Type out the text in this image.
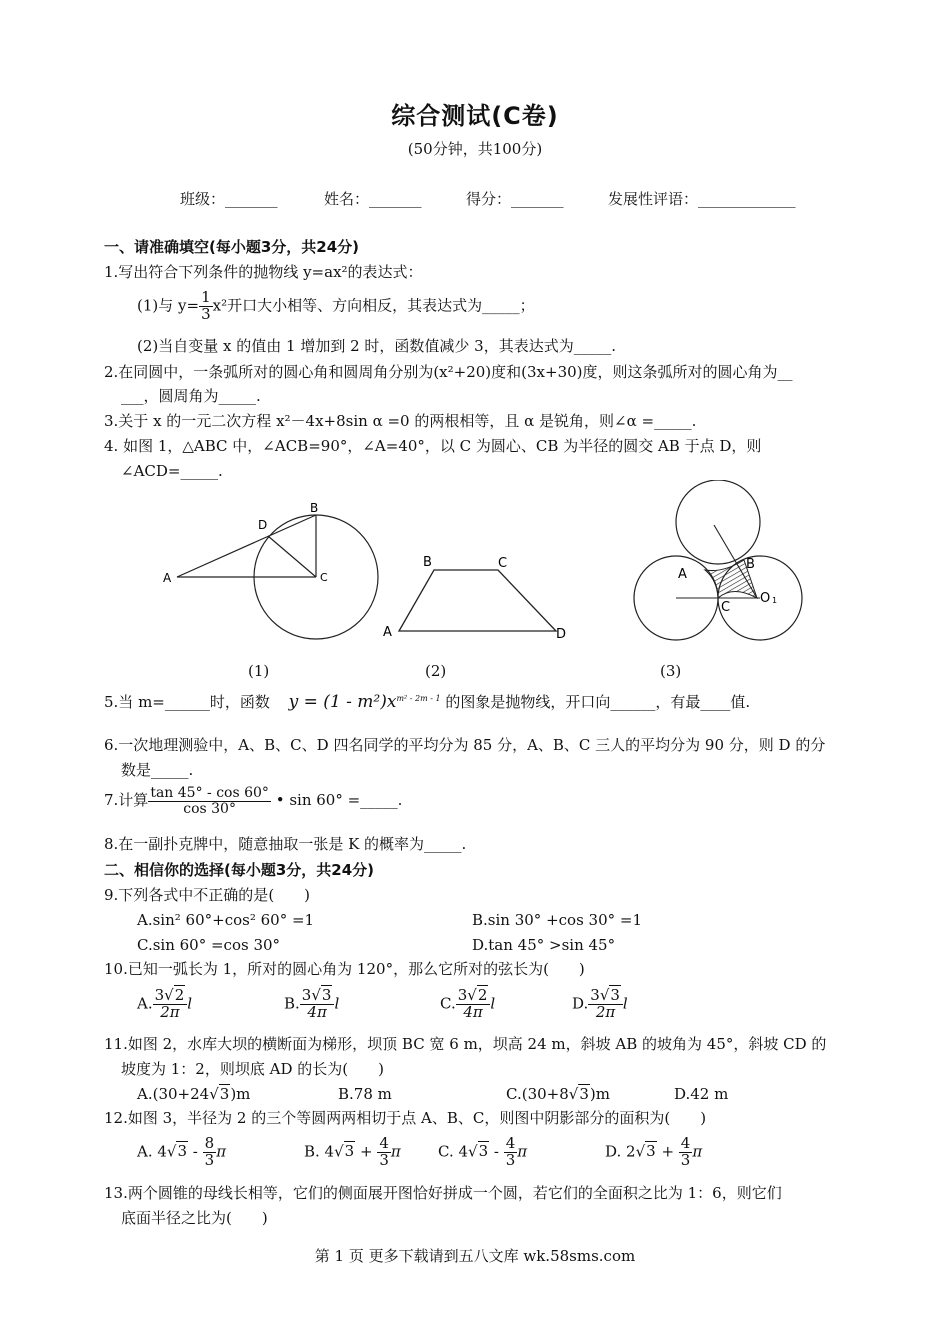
综合测试(C卷)
(50分钟，共100分)
班级：_______	姓名：_______	得分：_______	发展性评语：_____________
一、请准确填空(每小题3分，共24分)
1.写出符合下列条件的抛物线 y=ax²的表达式：
(1)与 $y= \frac{1}{3} x^2$开口大小相等、方向相反，其表达式为_____；
(2)当自变量 x 的值由 1 增加到 2 时，函数值减少 3，其表达式为_____.
2.在同圆中，一条弧所对的圆心角和圆周角分别为(x²+20)度和(3x+30)度，则这条弧所对的圆心角为__
___，圆周角为_____.
3.关于 x 的一元二次方程 x²－4x+8sin α =0 的两根相等，且 α 是锐角，则∠α =_____.
4. 如图 1，△ABC 中，∠ACB=90°，∠A=40°，以 C 为圆心、CB 为半径的圆交 AB 于点 D，则
∠ACD=_____.
A
B
C
D
B	C
A	D
A
B
C
O 1
(1)	(2)	(3)
5.当 m=______时，函数 $y = (1 - m^2)x^{m^2 - 2m - 1}$ 的图象是抛物线，开口向______，有最____值.
6.一次地理测验中，A、B、C、D 四名同学的平均分为 85 分，A、B、C 三人的平均分为 90 分，则 D 的分
数是_____.
7.计算 $\frac{\tan 45^\circ - \cos 60^\circ}{\cos 30^\circ}$ • sin 60° =_____.
8.在一副扑克牌中，随意抽取一张是 K 的概率为_____.
二、相信你的选择(每小题3分，共24分)
9.下列各式中不正确的是(　　)
A.sin² 60°+cos² 60° =1	B.sin 30° +cos 30° =1
C.sin 60° =cos 30°	D.tan 45° >sin 45°
10.已知一弧长为 1，所对的圆心角为 120°，那么它所对的弦长为(　　)
A. $\frac{3√2}{2\pi}$ l	B. $\frac{3√3}{4\pi}$ l	C. $\frac{3√2}{4\pi}$ l	D. $\frac{3√3}{2\pi}$ l
11.如图 2，水库大坝的横断面为梯形，坝顶 BC 宽 6 m，坝高 24 m，斜坡 AB 的坡角为 45°，斜坡 CD 的
坡度为 1：2，则坝底 AD 的长为(　　)
A.(30+24√3)m	B.78 m	C.(30+8√3)m	D.42 m
12.如图 3，半径为 2 的三个等圆两两相切于点 A、B、C，则图中阴影部分的面积为(　　)
A. $4√3 - \frac{8}{3}$ π	B. $4√3 + \frac{4}{3}$ π C. $4√3 - \frac{4}{3}$ π	D. $2√3 + \frac{4}{3}$ π
13.两个圆锥的母线长相等，它们的侧面展开图恰好拼成一个圆，若它们的全面积之比为 1：6，则它们
底面半径之比为(　　)
第 1 页 更多下载请到五八文库 wk.58sms.com
